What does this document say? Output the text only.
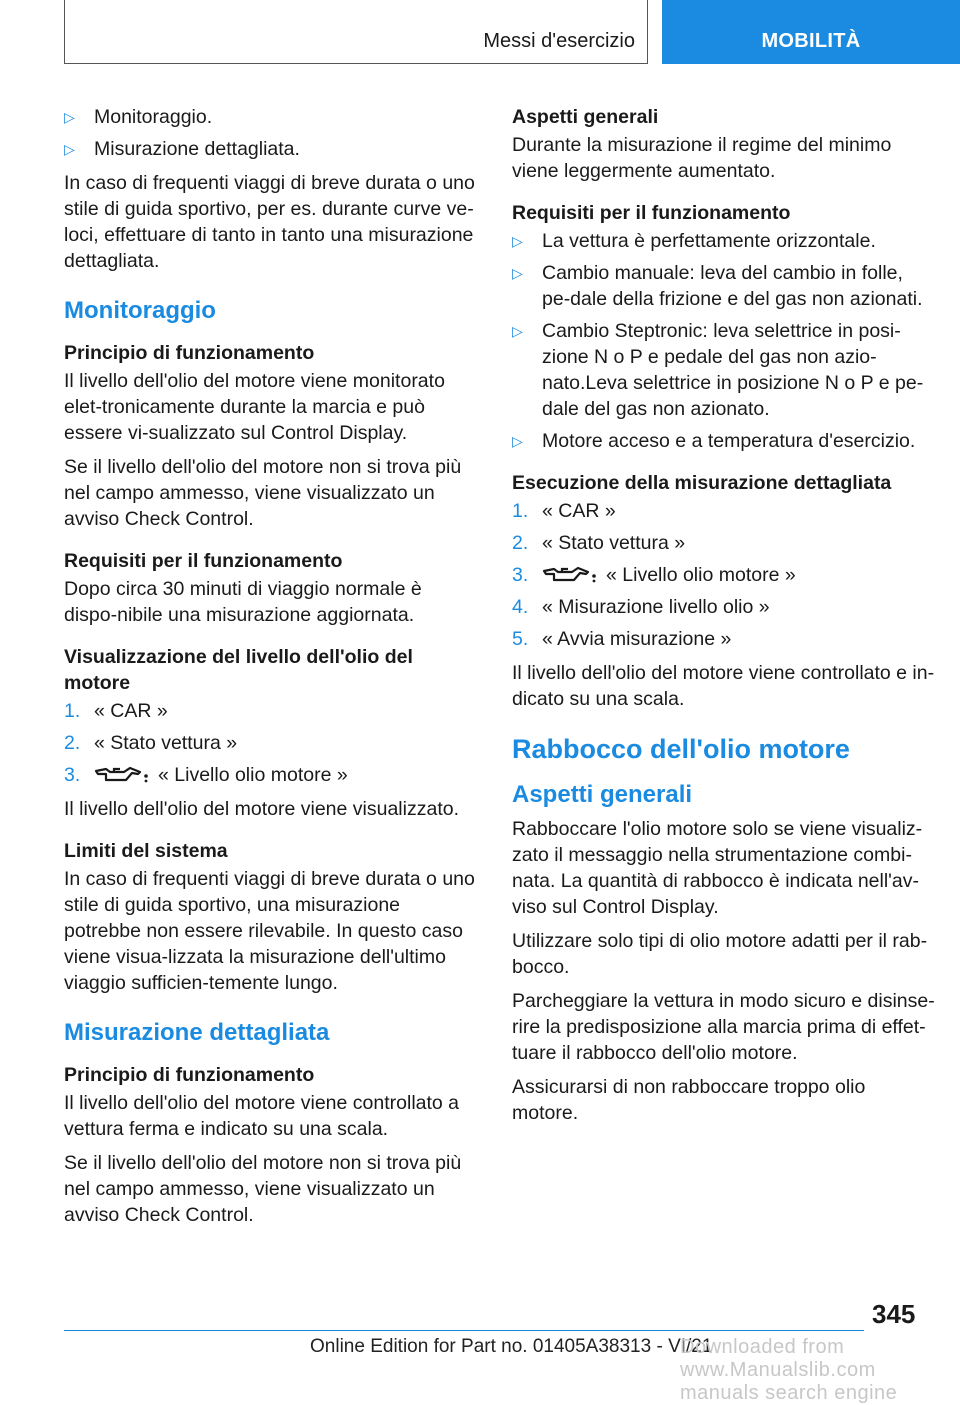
Messi d'esercizio	MOBILITÀ
▷ Monitoraggio.
▷ Misurazione dettagliata.

In caso di frequenti viaggi di breve durata o uno stile di guida sportivo, per es. durante curve ve-loci, effettuare di tanto in tanto una misurazione dettagliata.

Monitoraggio
Principio di funzionamento

Il livello dell'olio del motore viene monitorato elet-tronicamente durante la marcia e può essere vi-sualizzato sul Control Display.

Se il livello dell'olio del motore non si trova più nel campo ammesso, viene visualizzato un avviso Check Control.

Requisiti per il funzionamento

Dopo circa 30 minuti di viaggio normale è dispo-nibile una misurazione aggiornata.

Visualizzazione del livello dell'olio del motore
1. « CAR »
2. « Stato vettura »
3.	« Livello olio motore »

Il livello dell'olio del motore viene visualizzato.

Limiti del sistema

In caso di frequenti viaggi di breve durata o uno stile di guida sportivo, una misurazione potrebbe non essere rilevabile. In questo caso viene visua-lizzata la misurazione dell'ultimo viaggio sufficien-temente lungo.

Misurazione dettagliata
Principio di funzionamento

Il livello dell'olio del motore viene controllato a vettura ferma e indicato su una scala.

Se il livello dell'olio del motore non si trova più nel campo ammesso, viene visualizzato un avviso Check Control.

Aspetti generali

Durante la misurazione il regime del minimo viene leggermente aumentato.

Requisiti per il funzionamento
▷ La vettura è perfettamente orizzontale.
▷ Cambio manuale: leva del cambio in folle, pe-dale della frizione e del gas non azionati.
▷ Cambio Steptronic: leva selettrice in posi-zione N o P e pedale del gas non azio-nato.Leva selettrice in posizione N o P e pe-dale del gas non azionato.
▷ Motore acceso e a temperatura d'esercizio.
Esecuzione della misurazione dettagliata
1. « CAR »
2. « Stato vettura »
3.	« Livello olio motore »
4. « Misurazione livello olio »
5. « Avvia misurazione »

Il livello dell'olio del motore viene controllato e in-dicato su una scala.

Rabbocco dell'olio motore
Aspetti generali

Rabboccare l'olio motore solo se viene visualiz-zato il messaggio nella strumentazione combi-nata. La quantità di rabbocco è indicata nell'av-viso sul Control Display.

Utilizzare solo tipi di olio motore adatti per il rab-bocco.

Parcheggiare la vettura in modo sicuro e disinse-rire la predisposizione alla marcia prima di effet-tuare il rabbocco dell'olio motore.

Assicurarsi di non rabboccare troppo olio motore.

345
Online Edition for Part no. 01405A38313 - VI/21
Downloaded from www.Manualslib.com manuals search engine
